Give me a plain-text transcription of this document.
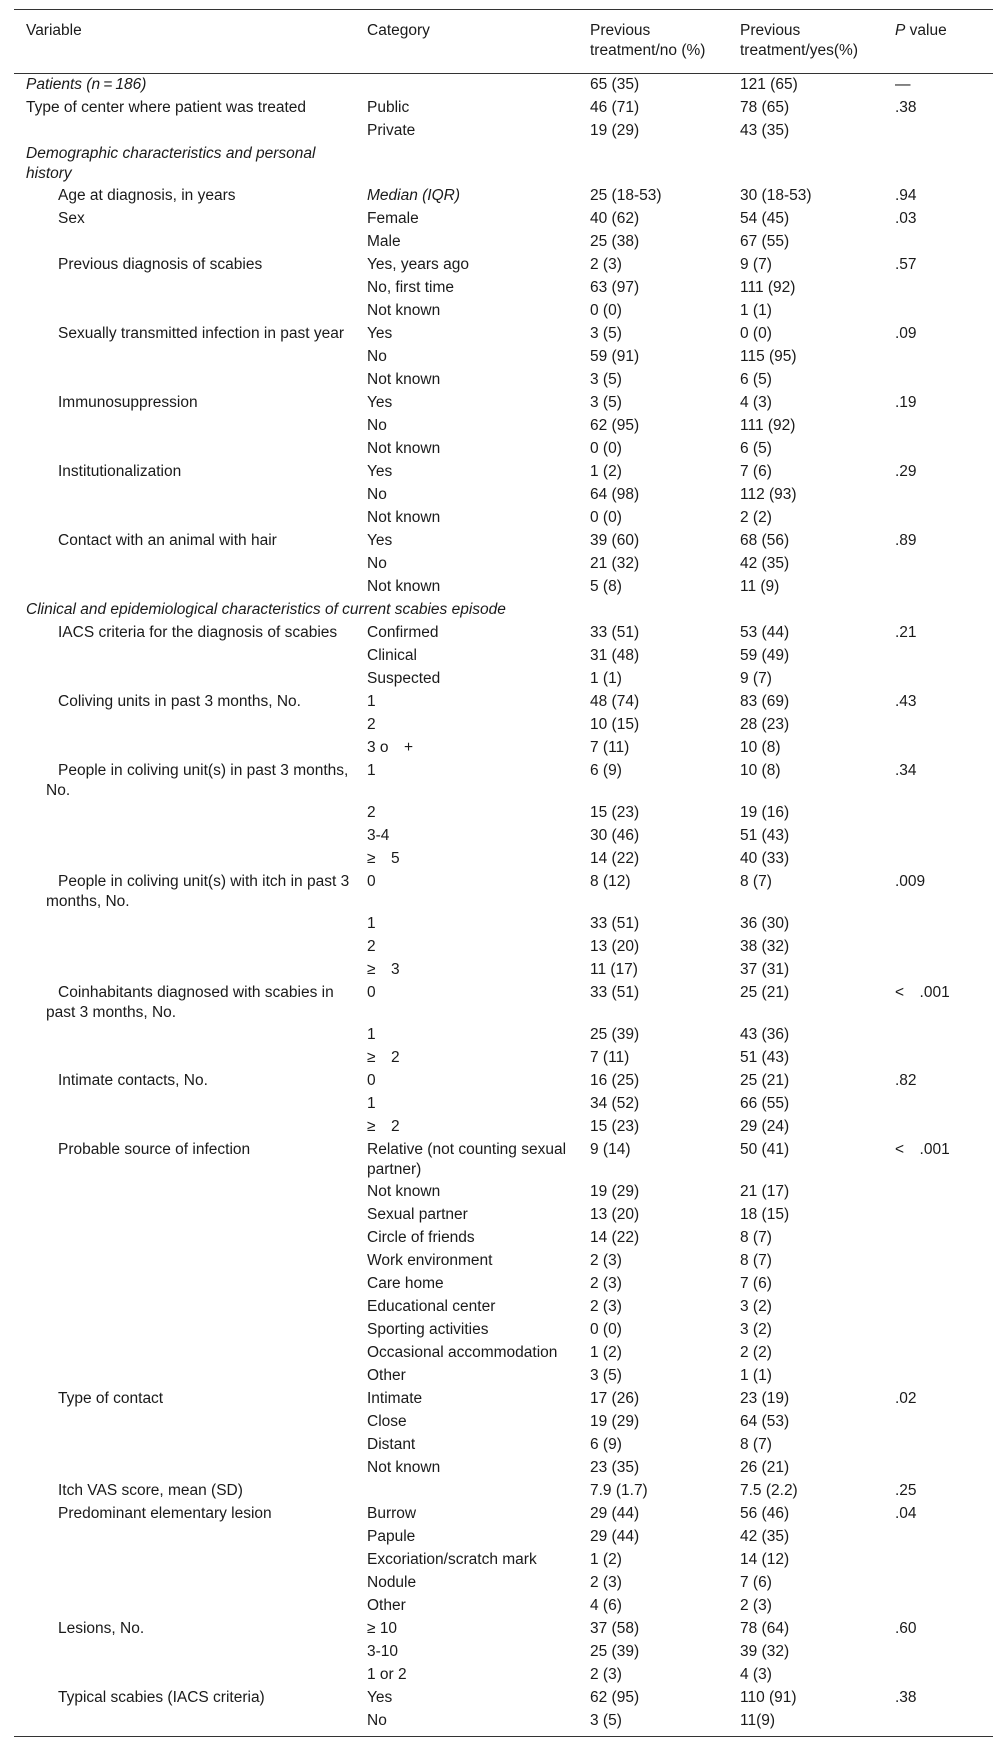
Variable	Category	Previous treatment/no (%)	Previous treatment/yes(%)	P value
Patients (n = 186)		65 (35)	121 (65)	—
Type of center where patient was treated	Public	46 (71)	78 (65)	.38
	Private	19 (29)	43 (35)	
Demographic characteristics and personal history				
Age at diagnosis, in years	Median (IQR)	25 (18-53)	30 (18-53)	.94
Sex	Female	40 (62)	54 (45)	.03
	Male	25 (38)	67 (55)	
Previous diagnosis of scabies	Yes, years ago	2 (3)	9 (7)	.57
	No, first time	63 (97)	111 (92)	
	Not known	0 (0)	1 (1)	
Sexually transmitted infection in past year	Yes	3 (5)	0 (0)	.09
	No	59 (91)	115 (95)	
	Not known	3 (5)	6 (5)	
Immunosuppression	Yes	3 (5)	4 (3)	.19
	No	62 (95)	111 (92)	
	Not known	0 (0)	6 (5)	
Institutionalization	Yes	1 (2)	7 (6)	.29
	No	64 (98)	112 (93)	
	Not known	0 (0)	2 (2)	
Contact with an animal with hair	Yes	39 (60)	68 (56)	.89
	No	21 (32)	42 (35)	
	Not known	5 (8)	11 (9)	
Clinical and epidemiological characteristics of current scabies episode				
IACS criteria for the diagnosis of scabies	Confirmed	33 (51)	53 (44)	.21
	Clinical	31 (48)	59 (49)	
	Suspected	1 (1)	9 (7)	
Coliving units in past 3 months, No.	1	48 (74)	83 (69)	.43
	2	10 (15)	28 (23)	
	3 o +	7 (11)	10 (8)	
People in coliving unit(s) in past 3 months, No.	1	6 (9)	10 (8)	.34
	2	15 (23)	19 (16)	
	3-4	30 (46)	51 (43)	
	≥ 5	14 (22)	40 (33)	
People in coliving unit(s) with itch in past 3 months, No.	0	8 (12)	8 (7)	.009
	1	33 (51)	36 (30)	
	2	13 (20)	38 (32)	
	≥ 3	11 (17)	37 (31)	
Coinhabitants diagnosed with scabies in past 3 months, No.	0	33 (51)	25 (21)	< .001
	1	25 (39)	43 (36)	
	≥ 2	7 (11)	51 (43)	
Intimate contacts, No.	0	16 (25)	25 (21)	.82
	1	34 (52)	66 (55)	
	≥ 2	15 (23)	29 (24)	
Probable source of infection	Relative (not counting sexual partner)	9 (14)	50 (41)	< .001
	Not known	19 (29)	21 (17)	
	Sexual partner	13 (20)	18 (15)	
	Circle of friends	14 (22)	8 (7)	
	Work environment	2 (3)	8 (7)	
	Care home	2 (3)	7 (6)	
	Educational center	2 (3)	3 (2)	
	Sporting activities	0 (0)	3 (2)	
	Occasional accommodation	1 (2)	2 (2)	
	Other	3 (5)	1 (1)	
Type of contact	Intimate	17 (26)	23 (19)	.02
	Close	19 (29)	64 (53)	
	Distant	6 (9)	8 (7)	
	Not known	23 (35)	26 (21)	
Itch VAS score, mean (SD)		7.9 (1.7)	7.5 (2.2)	.25
Predominant elementary lesion	Burrow	29 (44)	56 (46)	.04
	Papule	29 (44)	42 (35)	
	Excoriation/scratch mark	1 (2)	14 (12)	
	Nodule	2 (3)	7 (6)	
	Other	4 (6)	2 (3)	
Lesions, No.	≥ 10	37 (58)	78 (64)	.60
	3-10	25 (39)	39 (32)	
	1 or 2	2 (3)	4 (3)	
Typical scabies (IACS criteria)	Yes	62 (95)	110 (91)	.38
	No	3 (5)	11(9)	
